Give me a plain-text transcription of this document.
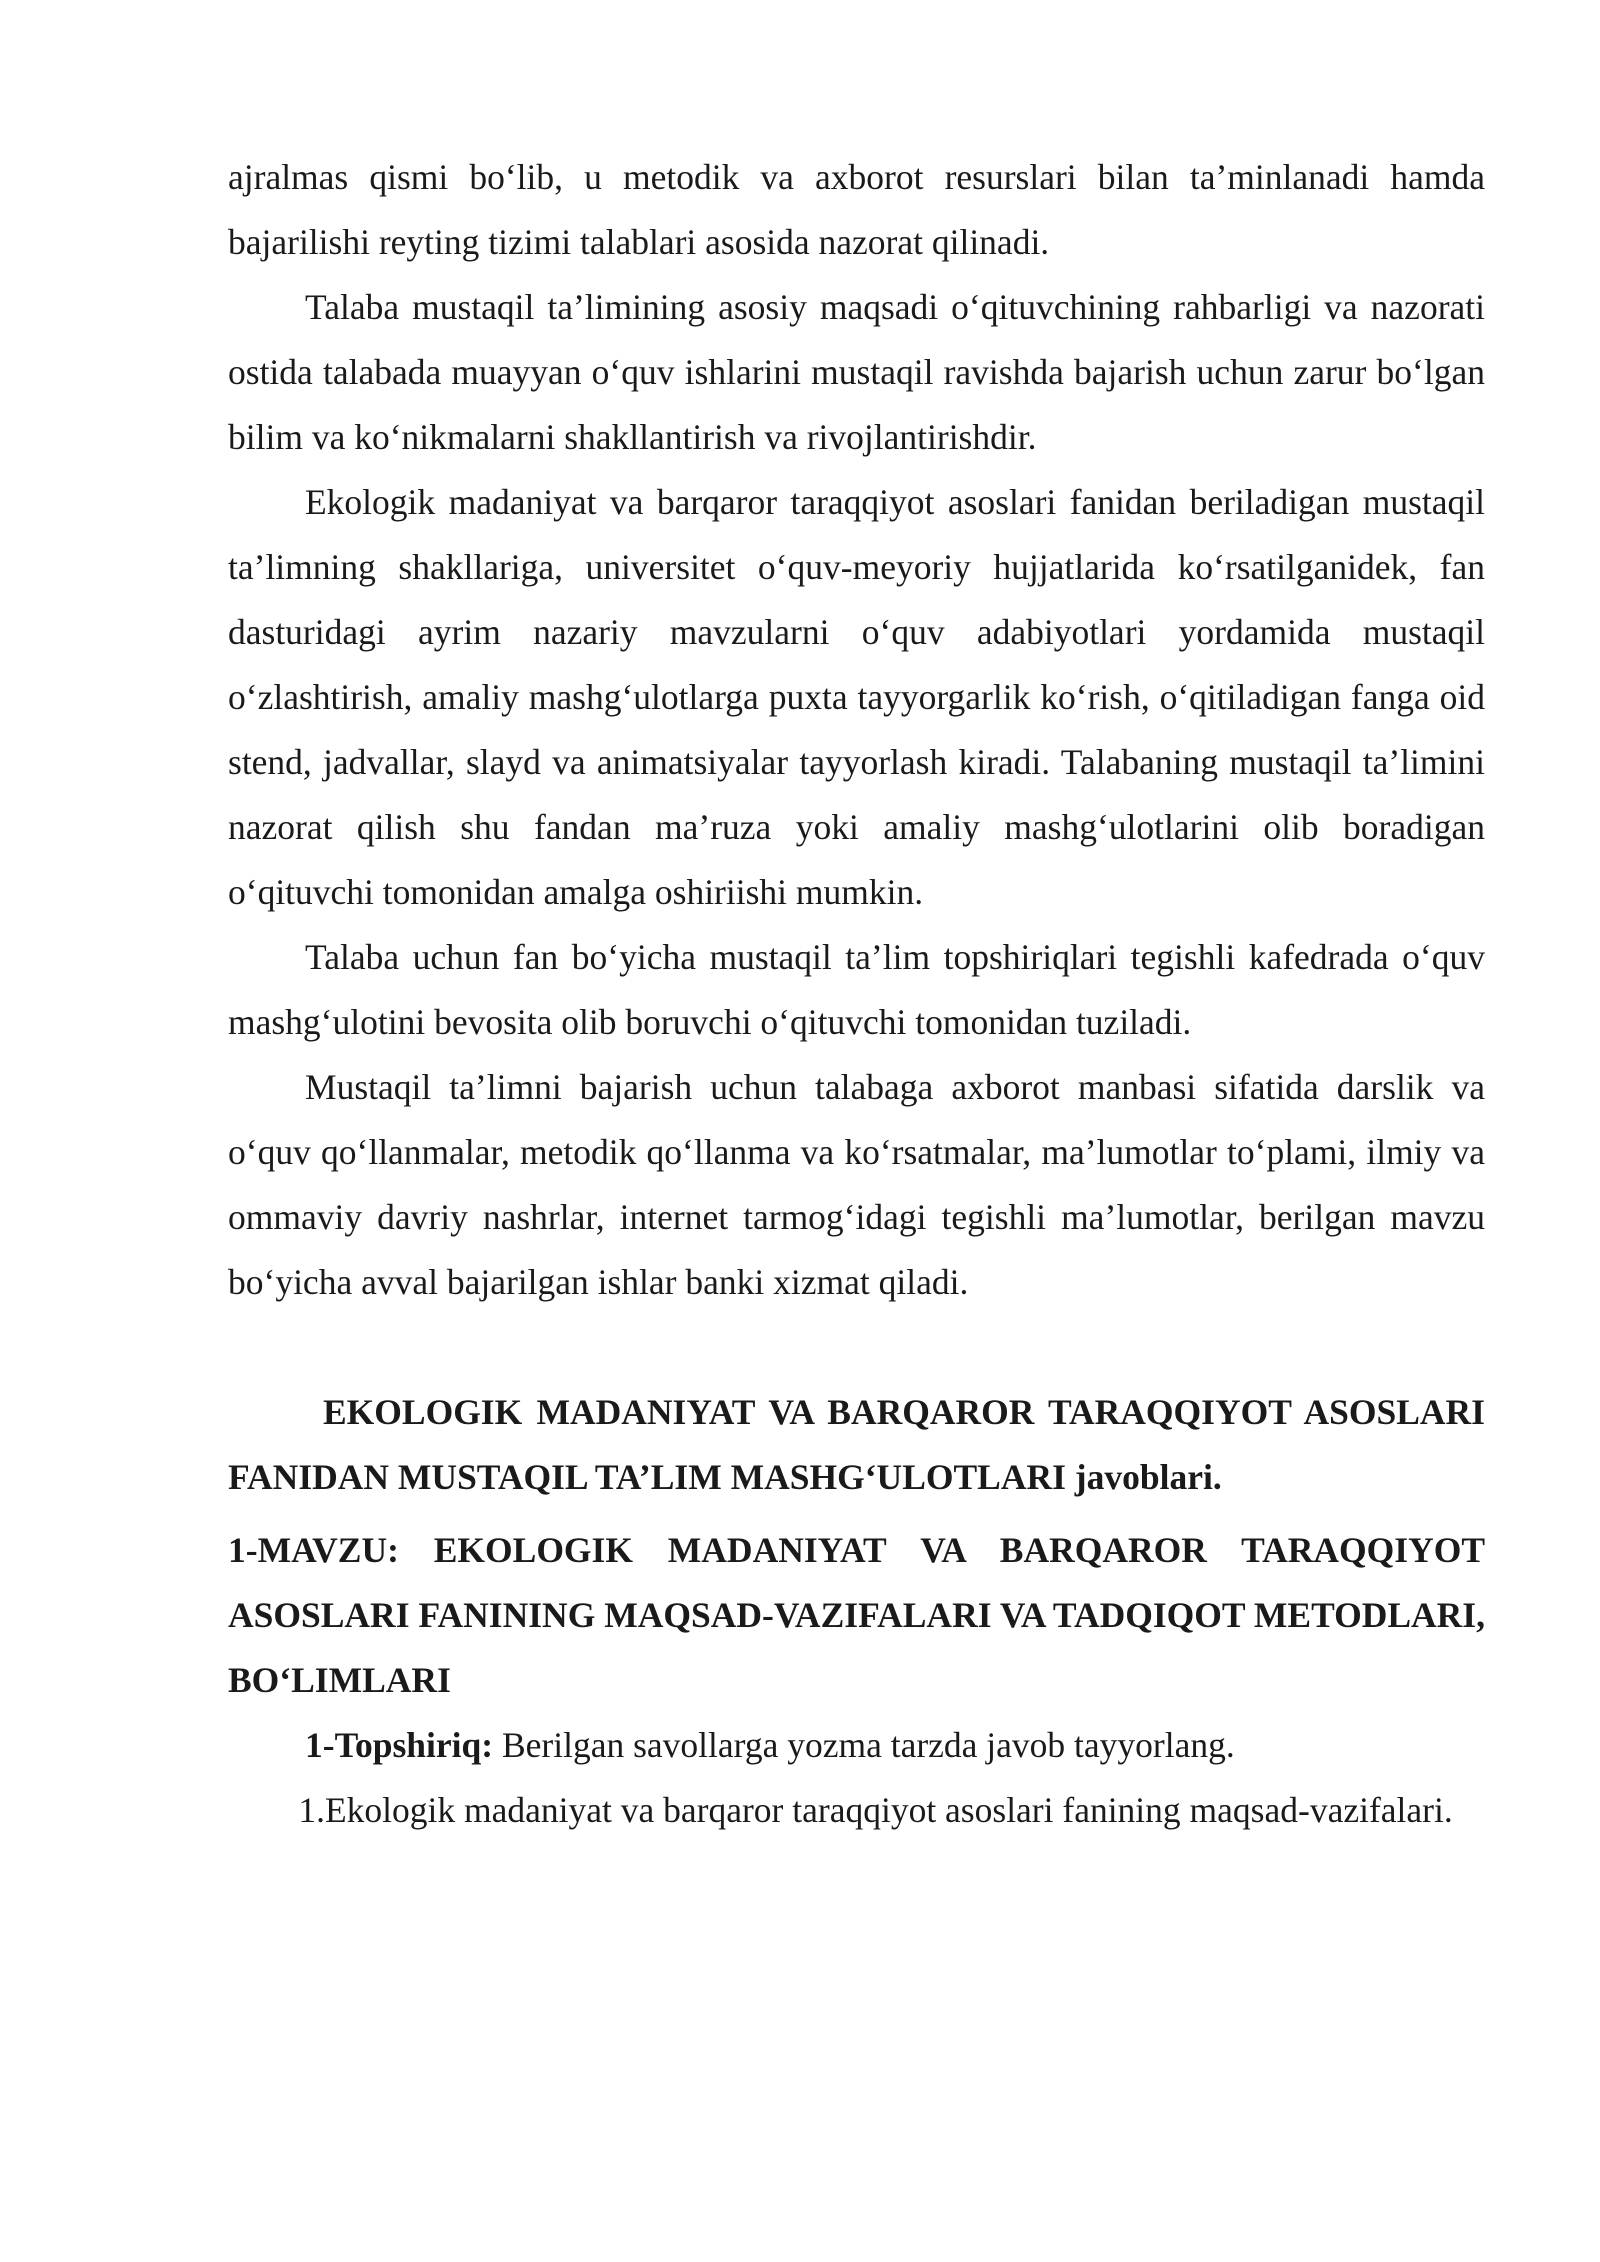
ajralmas qismi bo‘lib, u metodik va axborot resurslari bilan ta’minlanadi hamda bajarilishi reyting tizimi talablari asosida nazorat qilinadi.

Talaba mustaqil ta’limining asosiy maqsadi o‘qituvchining rahbarligi va nazorati ostida talabada muayyan o‘quv ishlarini mustaqil ravishda bajarish uchun zarur bo‘lgan bilim va ko‘nikmalarni shakllantirish va rivojlantirishdir.

Ekologik madaniyat va barqaror taraqqiyot asoslari fanidan beriladigan mustaqil ta’limning shakllariga, universitet o‘quv-meyoriy hujjatlarida ko‘rsatilganidek, fan dasturidagi ayrim nazariy mavzularni o‘quv adabiyotlari yordamida mustaqil o‘zlashtirish, amaliy mashg‘ulotlarga puxta tayyorgarlik ko‘rish, o‘qitiladigan fanga oid stend, jadvallar, slayd va animatsiyalar tayyorlash kiradi. Talabaning mustaqil ta’limini nazorat qilish shu fandan ma’ruza yoki amaliy mashg‘ulotlarini olib boradigan o‘qituvchi tomonidan amalga oshiriishi mumkin.

Talaba uchun fan bo‘yicha mustaqil ta’lim topshiriqlari tegishli kafedrada o‘quv mashg‘ulotini bevosita olib boruvchi o‘qituvchi tomonidan tuziladi.

Mustaqil ta’limni bajarish uchun talabaga axborot manbasi sifatida darslik va o‘quv qo‘llanmalar, metodik qo‘llanma va ko‘rsatmalar, ma’lumotlar to‘plami, ilmiy va ommaviy davriy nashrlar, internet tarmog‘idagi tegishli ma’lumotlar, berilgan mavzu bo‘yicha avval bajarilgan ishlar banki xizmat qiladi.

EKOLOGIK MADANIYAT VA BARQAROR TARAQQIYOT ASOSLARI FANIDAN MUSTAQIL TA’LIM MASHG‘ULOTLARI javoblari.

1-MAVZU: EKOLOGIK MADANIYAT VA BARQAROR TARAQQIYOT ASOSLARI FANINING MAQSAD-VAZIFALARI VA TADQIQOT METODLARI, BO‘LIMLARI

1-Topshiriq: Berilgan savollarga yozma tarzda javob tayyorlang.

1. Ekologik madaniyat va barqaror taraqqiyot asoslari fanining maqsad-vazifalari.
